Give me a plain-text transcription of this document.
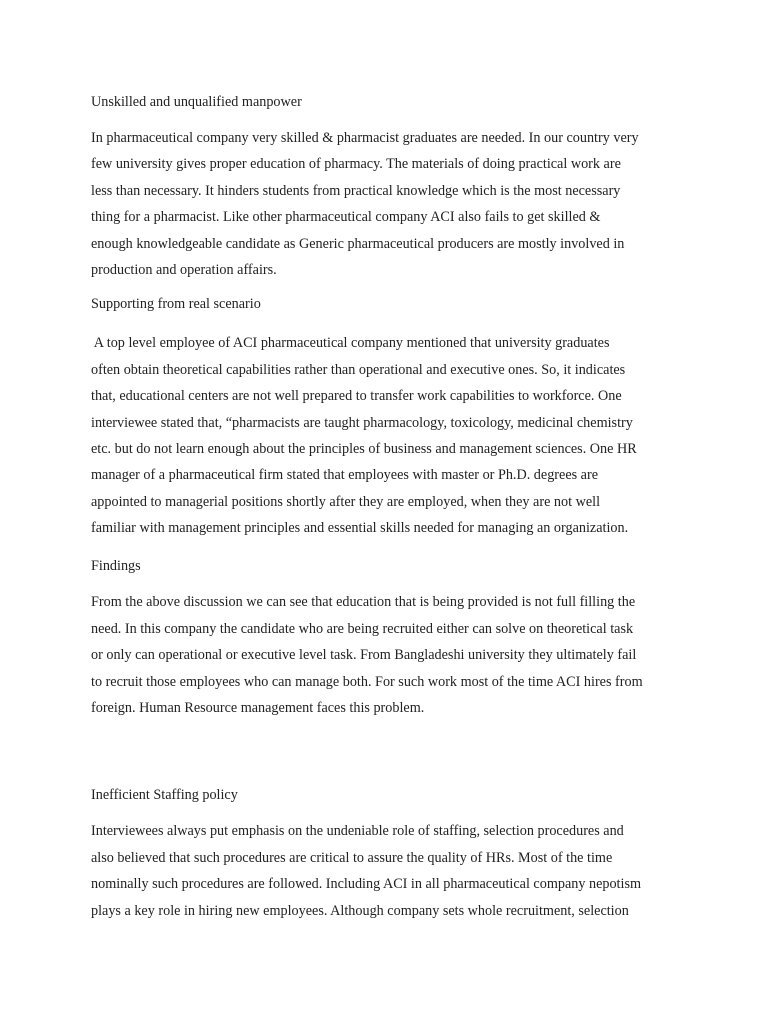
Unskilled and unqualified manpower
In pharmaceutical company very skilled & pharmacist graduates are needed. In our country very
few university gives proper education of pharmacy. The materials of doing practical work are
less than necessary. It hinders students from practical knowledge which is the most necessary
thing for a pharmacist. Like other pharmaceutical company ACI also fails to get skilled &
enough knowledgeable candidate as Generic pharmaceutical producers are mostly involved in
production and operation affairs.
Supporting from real scenario
A top level employee of ACI pharmaceutical company mentioned that university graduates
often obtain theoretical capabilities rather than operational and executive ones. So, it indicates
that, educational centers are not well prepared to transfer work capabilities to workforce. One
interviewee stated that, “pharmacists are taught pharmacology, toxicology, medicinal chemistry
etc. but do not learn enough about the principles of business and management sciences. One HR
manager of a pharmaceutical firm stated that employees with master or Ph.D. degrees are
appointed to managerial positions shortly after they are employed, when they are not well
familiar with management principles and essential skills needed for managing an organization.
Findings
From the above discussion we can see that education that is being provided is not full filling the
need. In this company the candidate who are being recruited either can solve on theoretical task
or only can operational or executive level task. From Bangladeshi university they ultimately fail
to recruit those employees who can manage both. For such work most of the time ACI hires from
foreign. Human Resource management faces this problem.
Inefficient Staffing policy
Interviewees always put emphasis on the undeniable role of staffing, selection procedures and
also believed that such procedures are critical to assure the quality of HRs. Most of the time
nominally such procedures are followed. Including ACI in all pharmaceutical company nepotism
plays a key role in hiring new employees. Although company sets whole recruitment, selection
